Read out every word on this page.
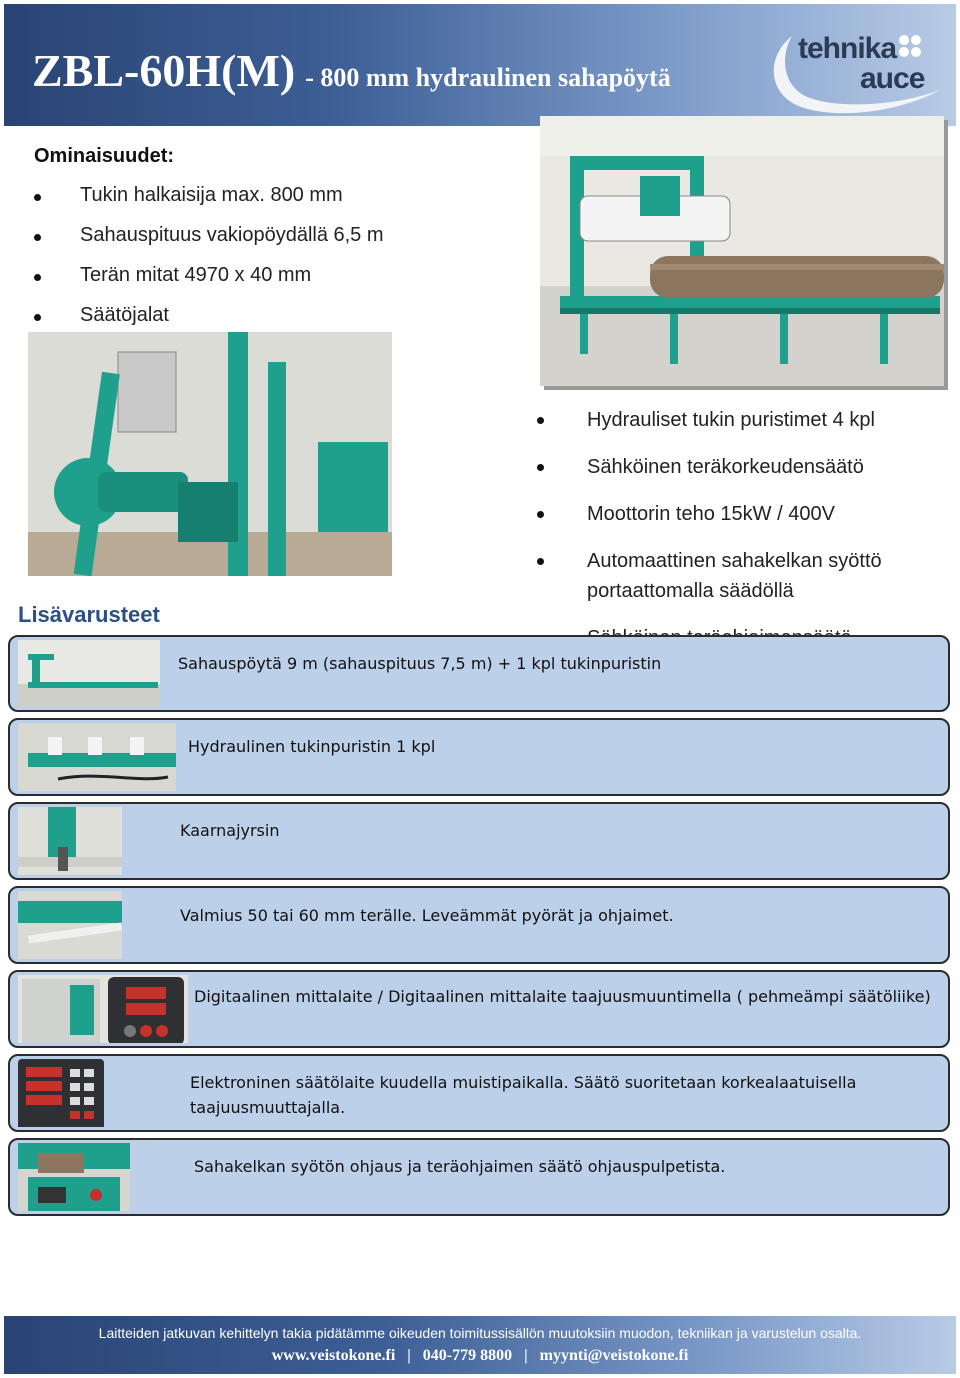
ZBL-60H(M) - 800 mm hydraulinen sahapöytä
tehnika
auce
Ominaisuudet:
Tukin halkaisija max. 800 mm
Sahauspituus vakiopöydällä 6,5 m
Terän mitat 4970 x 40 mm
Säätöjalat
Hydrauliset tukin puristimet 4 kpl
Sähköinen teräkorkeudensäätö
Moottorin teho 15kW / 400V
Automaattinen sahakelkan syöttö portaattomalla säädöllä
Lisävarusteet
Sahauspöytä 9 m (sahauspituus 7,5 m) + 1 kpl tukinpuristin
Hydraulinen tukinpuristin 1 kpl
Kaarnajyrsin
Valmius 50 tai 60 mm terälle. Leveämmät pyörät ja ohjaimet.
Digitaalinen mittalaite / Digitaalinen mittalaite taajuusmuuntimella ( pehmeämpi säätöliike)
Elektroninen säätölaite kuudella muistipaikalla. Säätö suoritetaan korkealaatuisella taajuusmuuttajalla.
Sahakelkan syötön ohjaus ja teräohjaimen säätö ohjauspulpetista.
Laitteiden jatkuvan kehittelyn takia pidätämme oikeuden toimitussisällön muutoksiin muodon, tekniikan ja varustelun osalta.
www.veistokone.fi   |   040-779 8800   |   myynti@veistokone.fi
